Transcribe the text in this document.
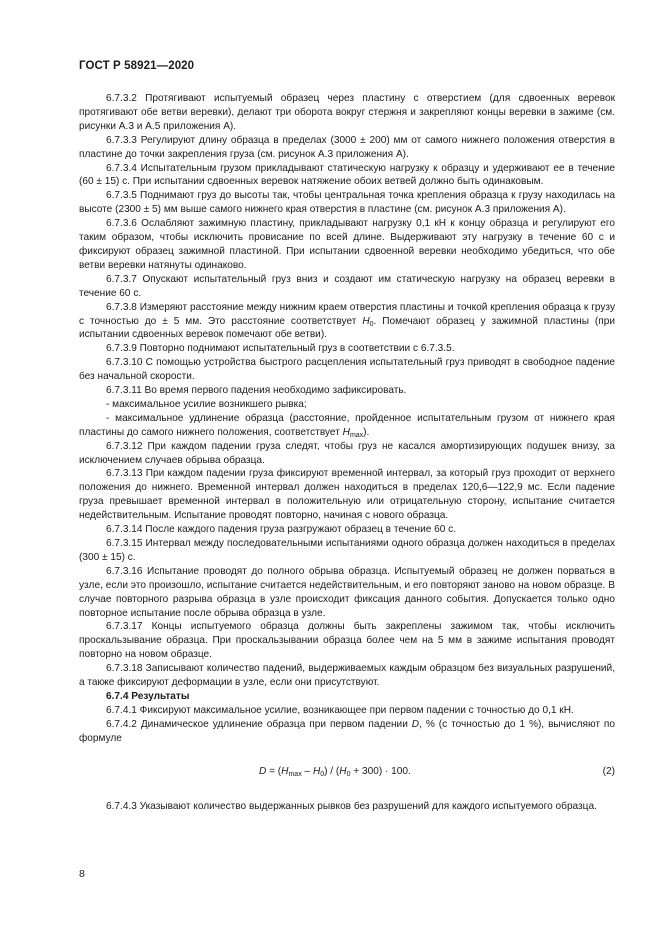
ГОСТ Р 58921—2020

6.7.3.2 Протягивают испытуемый образец через пластину с отверстием (для сдвоенных веревок протягивают обе ветви веревки), делают три оборота вокруг стержня и закрепляют концы веревки в зажиме (см. рисунки А.3 и А.5 приложения А).

6.7.3.3 Регулируют длину образца в пределах (3000 ± 200) мм от самого нижнего положения отверстия в пластине до точки закрепления груза (см. рисунок А.3 приложения А).

6.7.3.4 Испытательным грузом прикладывают статическую нагрузку к образцу и удерживают ее в течение (60 ± 15) с. При испытании сдвоенных веревок натяжение обоих ветвей должно быть одинаковым.

6.7.3.5 Поднимают груз до высоты так, чтобы центральная точка крепления образца к грузу находилась на высоте (2300 ± 5) мм выше самого нижнего края отверстия в пластине (см. рисунок А.3 приложения А).

6.7.3.6 Ослабляют зажимную пластину, прикладывают нагрузку 0,1 кН к концу образца и регулируют его таким образом, чтобы исключить провисание по всей длине. Выдерживают эту нагрузку в течение 60 с и фиксируют образец зажимной пластиной. При испытании сдвоенной веревки необходимо убедиться, что обе ветви веревки натянуты одинаково.

6.7.3.7 Опускают испытательный груз вниз и создают им статическую нагрузку на образец веревки в течение 60 с.

6.7.3.8 Измеряют расстояние между нижним краем отверстия пластины и точкой крепления образца к грузу с точностью до ± 5 мм. Это расстояние соответствует $H_0$. Помечают образец у зажимной пластины (при испытании сдвоенных веревок помечают обе ветви).

6.7.3.9 Повторно поднимают испытательный груз в соответствии с 6.7.3.5.

6.7.3.10 С помощью устройства быстрого расцепления испытательный груз приводят в свободное падение без начальной скорости.

6.7.3.11 Во время первого падения необходимо зафиксировать.

- максимальное усилие возникшего рывка;

- максимальное удлинение образца (расстояние, пройденное испытательным грузом от нижнего края пластины до самого нижнего положения, соответствует $H_{max}$).

6.7.3.12 При каждом падении груза следят, чтобы груз не касался амортизирующих подушек внизу, за исключением случаев обрыва образца.

6.7.3.13 При каждом падении груза фиксируют временной интервал, за который груз проходит от верхнего положения до нижнего. Временной интервал должен находиться в пределах 120,6—122,9 мс. Если падение груза превышает временной интервал в положительную или отрицательную сторону, испытание считается недействительным. Испытание проводят повторно, начиная с нового образца.

6.7.3.14 После каждого падения груза разгружают образец в течение 60 с.

6.7.3.15 Интервал между последовательными испытаниями одного образца должен находиться в пределах (300 ± 15) с.

6.7.3.16 Испытание проводят до полного обрыва образца. Испытуемый образец не должен порваться в узле, если это произошло, испытание считается недействительным, и его повторяют заново на новом образце. В случае повторного разрыва образца в узле происходит фиксация данного события. Допускается только одно повторное испытание после обрыва образца в узле.

6.7.3.17 Концы испытуемого образца должны быть закреплены зажимом так, чтобы исключить проскальзывание образца. При проскальзывании образца более чем на 5 мм в зажиме испытания проводят повторно на новом образце.

6.7.3.18 Записывают количество падений, выдерживаемых каждым образцом без визуальных разрушений, а также фиксируют деформации в узле, если они присутствуют.

6.7.4 Результаты

6.7.4.1 Фиксируют максимальное усилие, возникающее при первом падении с точностью до 0,1 кН.

6.7.4.2 Динамическое удлинение образца при первом падении D, % (с точностью до 1 %), вычисляют по формуле

$D = (H_{max} - H_0) / (H_0 + 300) \cdot 100$.	(2)

6.7.4.3 Указывают количество выдержанных рывков без разрушений для каждого испытуемого образца.

8
